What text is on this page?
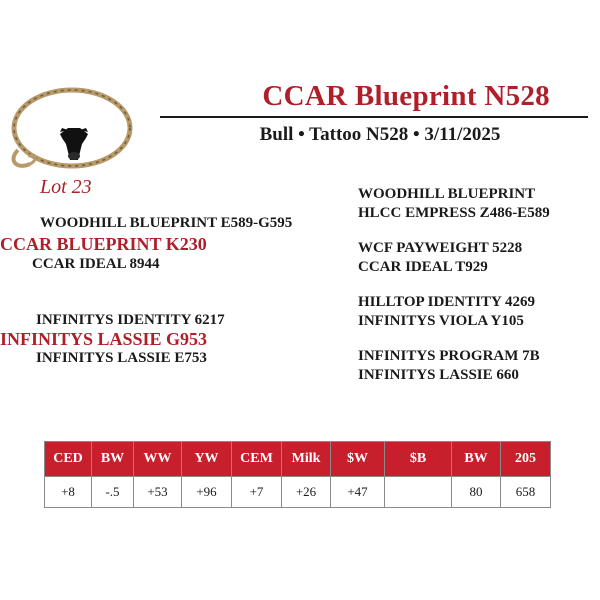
Lot 23
CCAR Blueprint N528
Bull • Tattoo N528 • 3/11/2025
WOODHILL BLUEPRINT E589-G595
CCAR BLUEPRINT K230
CCAR IDEAL 8944
INFINITYS IDENTITY 6217
INFINITYS LASSIE G953
INFINITYS LASSIE E753
WOODHILL BLUEPRINT
HLCC EMPRESS Z486-E589
WCF PAYWEIGHT 5228
CCAR IDEAL T929
HILLTOP IDENTITY 4269
INFINITYS VIOLA Y105
INFINITYS PROGRAM 7B
INFINITYS LASSIE 660
CED	BW	WW	YW	CEM	Milk	$W	$B	BW	205
+8	-.5	+53	+96	+7	+26	+47		80	658
